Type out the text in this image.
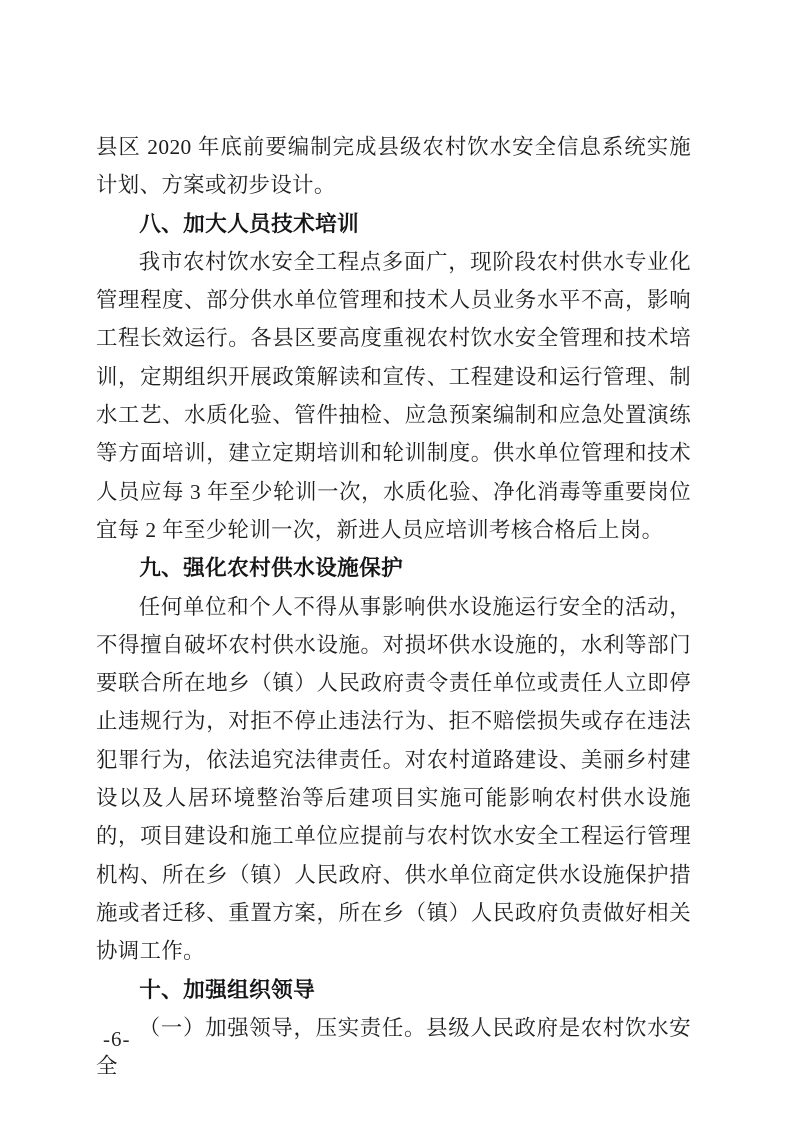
县区 2020 年底前要编制完成县级农村饮水安全信息系统实施计划、方案或初步设计。

八、加大人员技术培训

我市农村饮水安全工程点多面广，现阶段农村供水专业化管理程度、部分供水单位管理和技术人员业务水平不高，影响工程长效运行。各县区要高度重视农村饮水安全管理和技术培训，定期组织开展政策解读和宣传、工程建设和运行管理、制水工艺、水质化验、管件抽检、应急预案编制和应急处置演练等方面培训，建立定期培训和轮训制度。供水单位管理和技术人员应每 3 年至少轮训一次，水质化验、净化消毒等重要岗位宜每 2 年至少轮训一次，新进人员应培训考核合格后上岗。

九、强化农村供水设施保护

任何单位和个人不得从事影响供水设施运行安全的活动，不得擅自破坏农村供水设施。对损坏供水设施的，水利等部门要联合所在地乡（镇）人民政府责令责任单位或责任人立即停止违规行为，对拒不停止违法行为、拒不赔偿损失或存在违法犯罪行为，依法追究法律责任。对农村道路建设、美丽乡村建设以及人居环境整治等后建项目实施可能影响农村供水设施的，项目建设和施工单位应提前与农村饮水安全工程运行管理机构、所在乡（镇）人民政府、供水单位商定供水设施保护措施或者迁移、重置方案，所在乡（镇）人民政府负责做好相关协调工作。

十、加强组织领导

（一）加强领导，压实责任。县级人民政府是农村饮水安全

-6-
